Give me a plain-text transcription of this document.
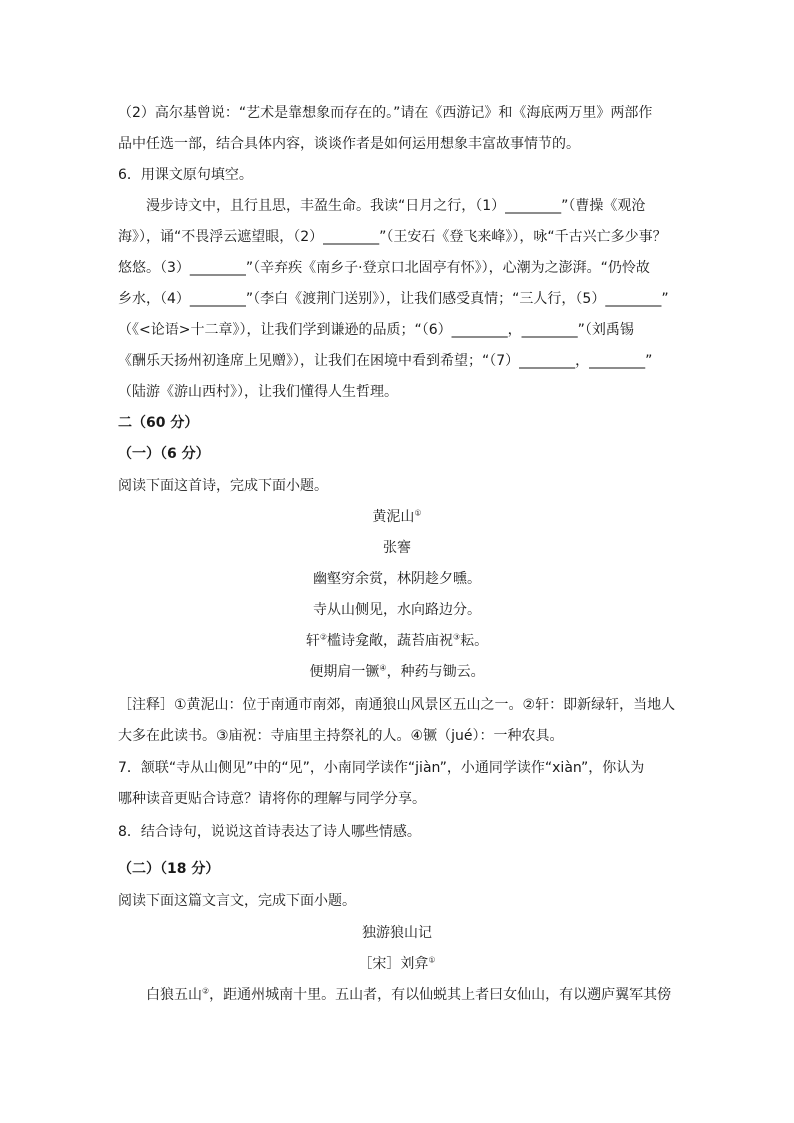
（2）高尔基曾说：“艺术是靠想象而存在的。”请在《西游记》和《海底两万里》两部作
品中任选一部，结合具体内容，谈谈作者是如何运用想象丰富故事情节的。
6．用课文原句填空。
漫步诗文中，且行且思，丰盈生命。我读“日月之行，（1）________”（曹操《观沧
海》），诵“不畏浮云遮望眼，（2）________”（王安石《登飞来峰》），咏“千古兴亡多少事？
悠悠。（3）________”（辛弃疾《南乡子·登京口北固亭有怀》），心潮为之澎湃。“仍怜故
乡水，（4）________”（李白《渡荆门送别》），让我们感受真情；“三人行，（5）________”
（《<论语>十二章》），让我们学到谦逊的品质；“（6）________，________”（刘禹锡
《酬乐天扬州初逢席上见赠》），让我们在困境中看到希望；“（7）________，________”
（陆游《游山西村》），让我们懂得人生哲理。
二（60 分）
（一）（6 分）
阅读下面这首诗，完成下面小题。
黄泥山①
张謇
幽壑穷余赏，林阴趁夕曛。
寺从山侧见，水向路边分。
轩②槛诗龛敞，蔬苔庙祝③耘。
便期肩一镢④，种药与锄云。
［注释］①黄泥山：位于南通市南郊，南通狼山风景区五山之一。②轩：即新绿轩，当地人
大多在此读书。③庙祝：寺庙里主持祭礼的人。④镢（jué）：一种农具。
7．颔联“寺从山侧见”中的“见”，小南同学读作“jiàn”，小通同学读作“xiàn”，你认为
哪种读音更贴合诗意？请将你的理解与同学分享。
8．结合诗句，说说这首诗表达了诗人哪些情感。
（二）（18 分）
阅读下面这篇文言文，完成下面小题。
独游狼山记
［宋］刘弇①
白狼五山②，距通州城南十里。五山者，有以仙蜕其上者曰女仙山，有以遡庐翼军其傍
